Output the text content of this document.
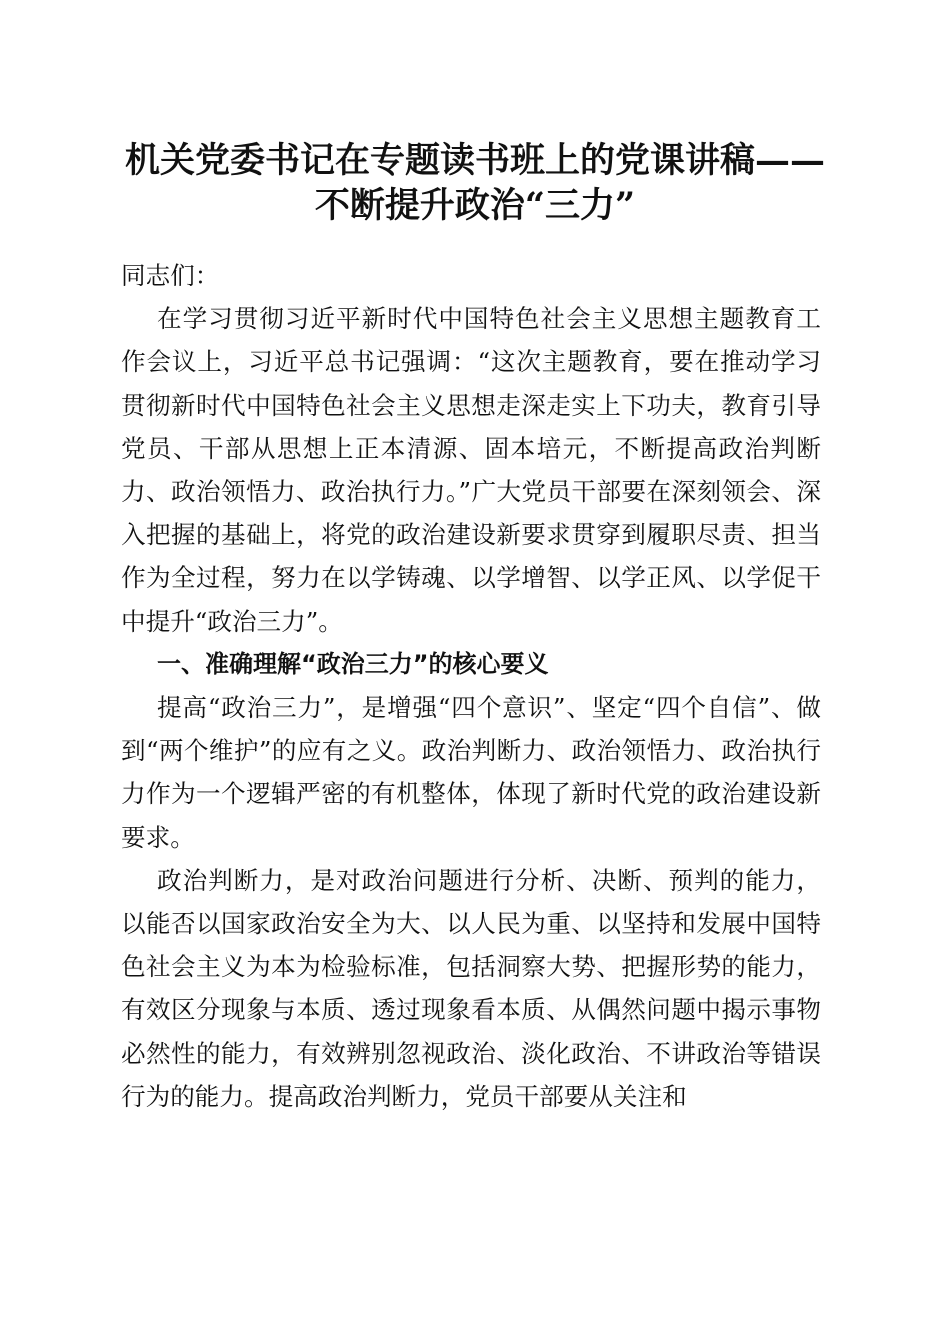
机关党委书记在专题读书班上的党课讲稿——
不断提升政治“三力”

同志们：

在学习贯彻习近平新时代中国特色社会主义思想主题教育工作会议上，习近平总书记强调：“这次主题教育，要在推动学习贯彻新时代中国特色社会主义思想走深走实上下功夫，教育引导党员、干部从思想上正本清源、固本培元，不断提高政治判断力、政治领悟力、政治执行力。”广大党员干部要在深刻领会、深入把握的基础上，将党的政治建设新要求贯穿到履职尽责、担当作为全过程，努力在以学铸魂、以学增智、以学正风、以学促干中提升“政治三力”。

一、准确理解“政治三力”的核心要义

提高“政治三力”，是增强“四个意识”、坚定“四个自信”、做到“两个维护”的应有之义。政治判断力、政治领悟力、政治执行力作为一个逻辑严密的有机整体，体现了新时代党的政治建设新要求。

政治判断力，是对政治问题进行分析、决断、预判的能力，以能否以国家政治安全为大、以人民为重、以坚持和发展中国特色社会主义为本为检验标准，包括洞察大势、把握形势的能力，有效区分现象与本质、透过现象看本质、从偶然问题中揭示事物必然性的能力，有效辨别忽视政治、淡化政治、不讲政治等错误行为的能力。提高政治判断力，党员干部要从关注和
